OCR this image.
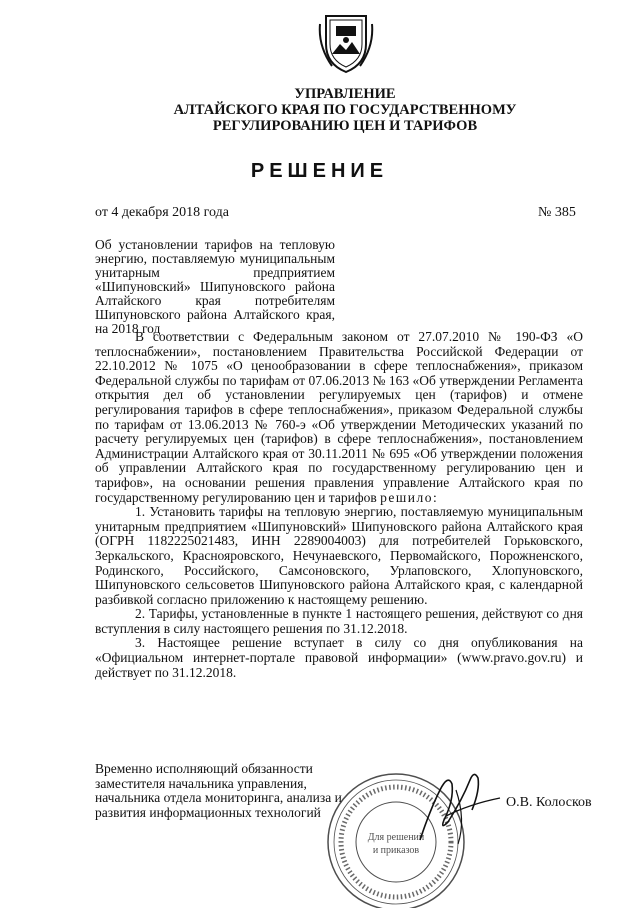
УПРАВЛЕНИЕ
АЛТАЙСКОГО КРАЯ ПО ГОСУДАРСТВЕННОМУ
РЕГУЛИРОВАНИЮ ЦЕН И ТАРИФОВ
РЕШЕНИЕ
от 4 декабря 2018 года	№ 385
Об установлении тарифов на тепловую энергию, поставляемую муниципальным унитарным предприятием «Шипуновский» Шипуновского района Алтайского края потребителям Шипуновского района Алтайского края, на 2018 год

В соответствии с Федеральным законом от 27.07.2010 № 190-ФЗ «О теплоснабжении», постановлением Правительства Российской Федерации от 22.10.2012 № 1075 «О ценообразовании в сфере теплоснабжения», приказом Федеральной службы по тарифам от 07.06.2013 № 163 «Об утверждении Регламента открытия дел об установлении регулируемых цен (тарифов) и отмене регулирования тарифов в сфере теплоснабжения», приказом Федеральной службы по тарифам от 13.06.2013 № 760-э «Об утверждении Методических указаний по расчету регулируемых цен (тарифов) в сфере теплоснабжения», постановлением Администрации Алтайского края от 30.11.2011 № 695 «Об утверждении положения об управлении Алтайского края по государственному регулированию цен и тарифов», на основании решения правления управление Алтайского края по государственному регулированию цен и тарифов решило:

1. Установить тарифы на тепловую энергию, поставляемую муниципальным унитарным предприятием «Шипуновский» Шипуновского района Алтайского края (ОГРН 1182225021483, ИНН 2289004003) для потребителей Горьковского, Зеркальского, Краснояровского, Нечунаевского, Первомайского, Порожненского, Родинского, Российского, Самсоновского, Урлаповского, Хлопуновского, Шипуновского сельсоветов Шипуновского района Алтайского края, с календарной разбивкой согласно приложению к настоящему решению.

2. Тарифы, установленные в пункте 1 настоящего решения, действуют со дня вступления в силу настоящего решения по 31.12.2018.

3. Настоящее решение вступает в силу со дня опубликования на «Официальном интернет-портале правовой информации» (www.pravo.gov.ru) и действует по 31.12.2018.

Временно исполняющий обязанности
заместителя начальника управления,
начальника отдела мониторинга, анализа и
развития информационных технологий
Для решений
и приказов
О.В. Колосков
